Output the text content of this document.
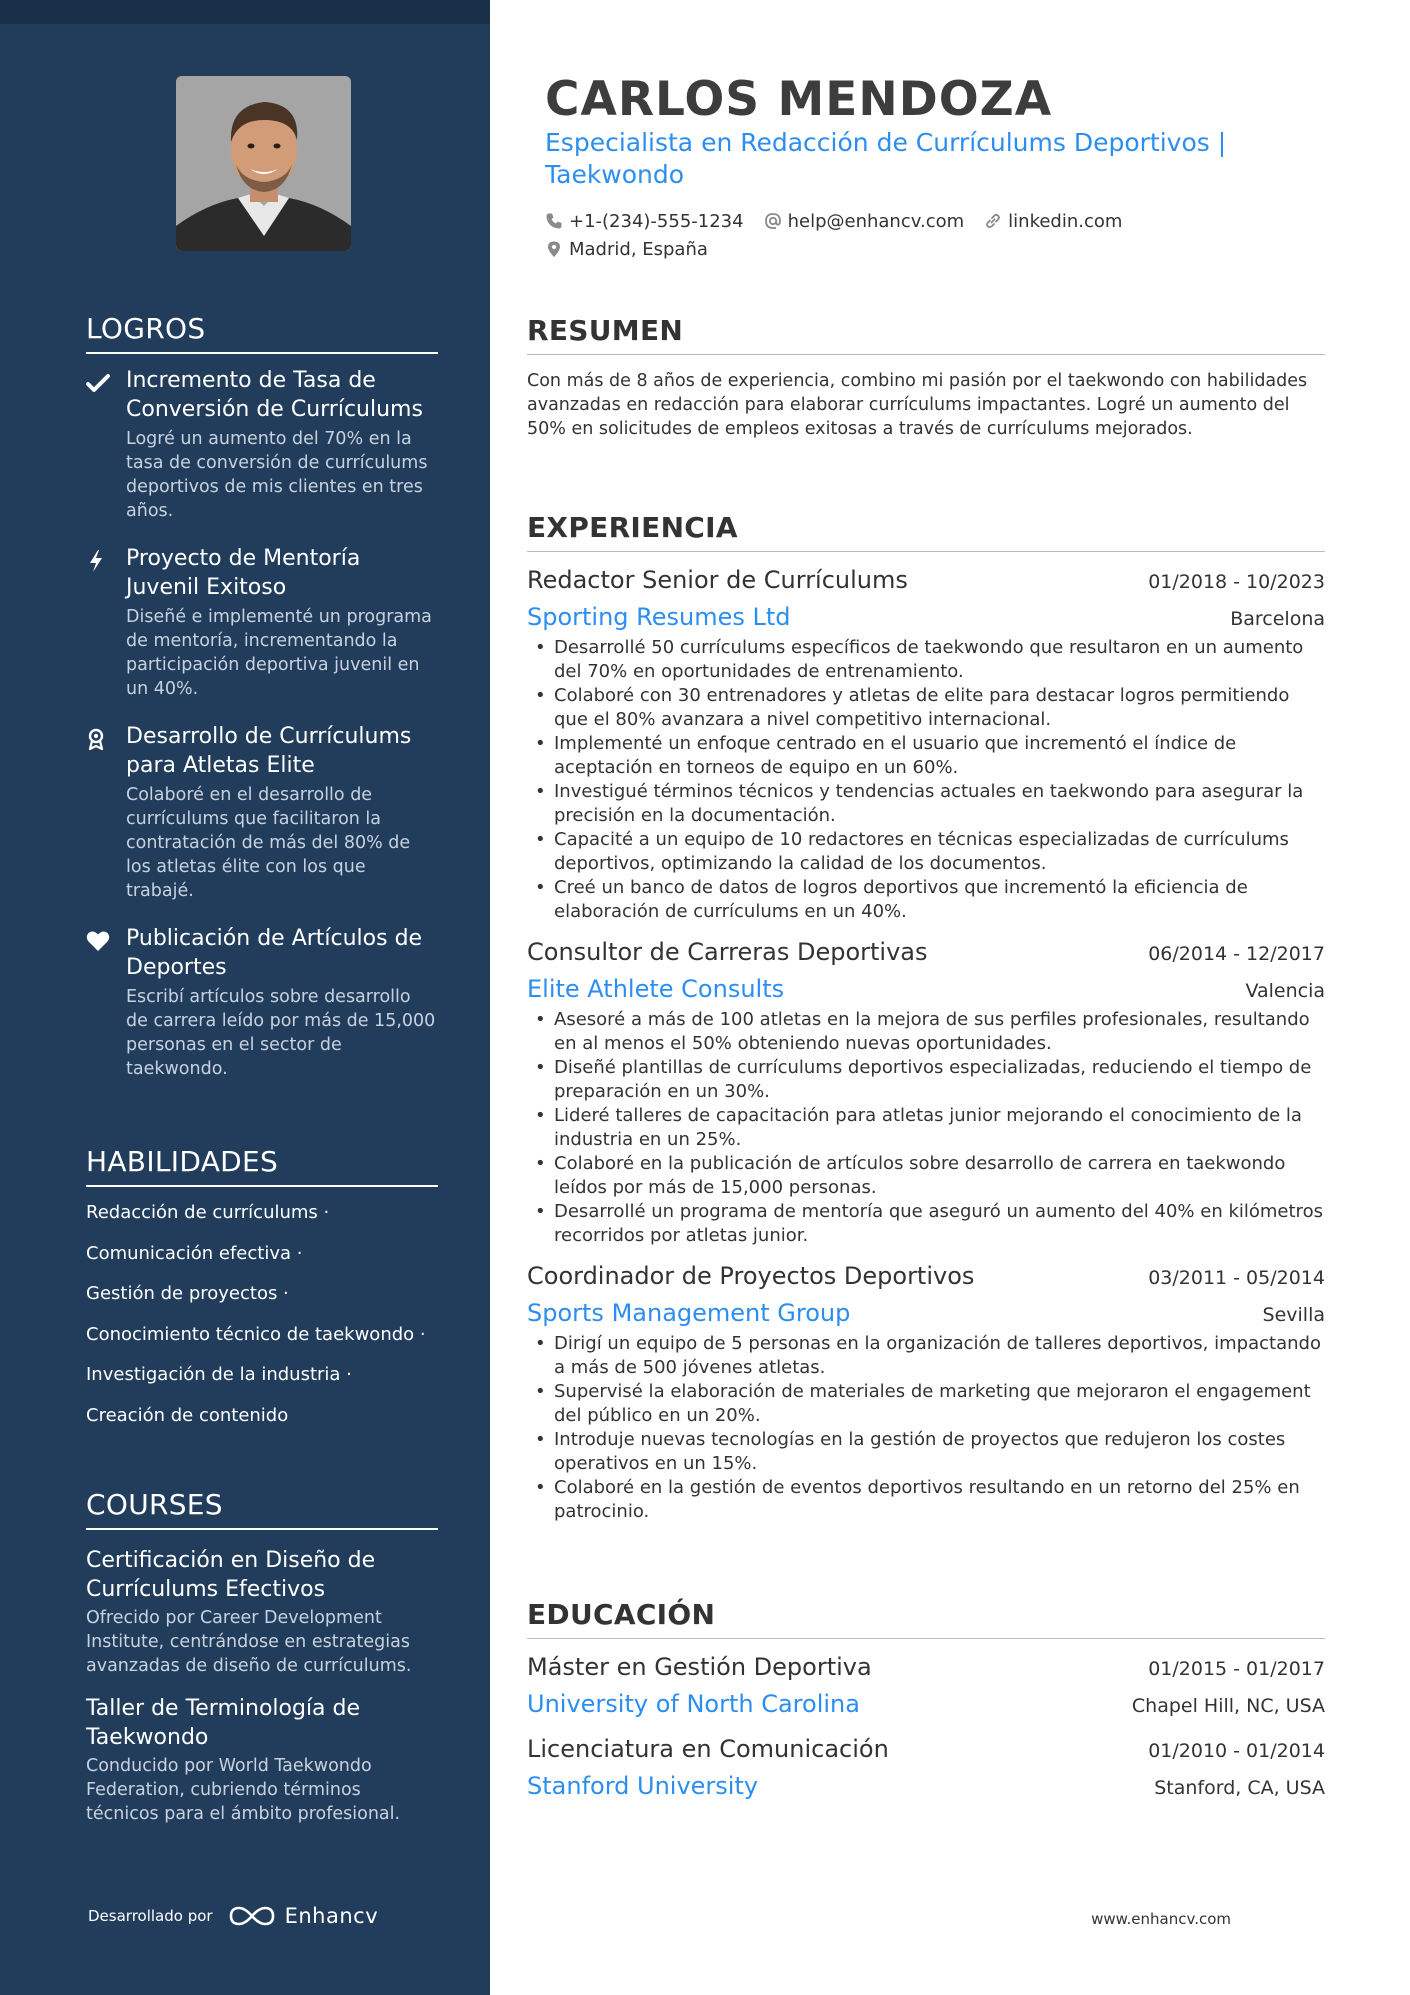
LOGROS
Incremento de Tasa de Conversión de Currículums
Logré un aumento del 70% en la tasa de conversión de currículums deportivos de mis clientes en tres años.
Proyecto de Mentoría Juvenil Exitoso
Diseñé e implementé un programa de mentoría, incrementando la participación deportiva juvenil en un 40%.
Desarrollo de Currículums para Atletas Elite
Colaboré en el desarrollo de currículums que facilitaron la contratación de más del 80% de los atletas élite con los que trabajé.
Publicación de Artículos de Deportes
Escribí artículos sobre desarrollo de carrera leído por más de 15,000 personas en el sector de taekwondo.
HABILIDADES
Redacción de currículums ·
Comunicación efectiva ·
Gestión de proyectos ·
Conocimiento técnico de taekwondo ·
Investigación de la industria ·
Creación de contenido
COURSES
Certificación en Diseño de Currículums Efectivos
Ofrecido por Career Development Institute, centrándose en estrategias avanzadas de diseño de currículums.
Taller de Terminología de Taekwondo
Conducido por World Taekwondo Federation, cubriendo términos técnicos para el ámbito profesional.
Desarrollado por	Enhancv
CARLOS MENDOZA
Especialista en Redacción de Currículums Deportivos | Taekwondo
+1-(234)-555-1234 help@enhancv.com linkedin.com
Madrid, España
RESUMEN

Con más de 8 años de experiencia, combino mi pasión por el taekwondo con habilidades avanzadas en redacción para elaborar currículums impactantes. Logré un aumento del 50% en solicitudes de empleos exitosas a través de currículums mejorados.

EXPERIENCIA
Redactor Senior de Currículums	01/2018 - 10/2023
Sporting Resumes Ltd	Barcelona
• Desarrollé 50 currículums específicos de taekwondo que resultaron en un aumento del 70% en oportunidades de entrenamiento.
• Colaboré con 30 entrenadores y atletas de elite para destacar logros permitiendo que el 80% avanzara a nivel competitivo internacional.
• Implementé un enfoque centrado en el usuario que incrementó el índice de aceptación en torneos de equipo en un 60%.
• Investigué términos técnicos y tendencias actuales en taekwondo para asegurar la precisión en la documentación.
• Capacité a un equipo de 10 redactores en técnicas especializadas de currículums deportivos, optimizando la calidad de los documentos.
• Creé un banco de datos de logros deportivos que incrementó la eficiencia de elaboración de currículums en un 40%.
Consultor de Carreras Deportivas	06/2014 - 12/2017
Elite Athlete Consults	Valencia
• Asesoré a más de 100 atletas en la mejora de sus perfiles profesionales, resultando en al menos el 50% obteniendo nuevas oportunidades.
• Diseñé plantillas de currículums deportivos especializadas, reduciendo el tiempo de preparación en un 30%.
• Lideré talleres de capacitación para atletas junior mejorando el conocimiento de la industria en un 25%.
• Colaboré en la publicación de artículos sobre desarrollo de carrera en taekwondo leídos por más de 15,000 personas.
• Desarrollé un programa de mentoría que aseguró un aumento del 40% en kilómetros recorridos por atletas junior.
Coordinador de Proyectos Deportivos	03/2011 - 05/2014
Sports Management Group	Sevilla
• Dirigí un equipo de 5 personas en la organización de talleres deportivos, impactando a más de 500 jóvenes atletas.
• Supervisé la elaboración de materiales de marketing que mejoraron el engagement del público en un 20%.
• Introduje nuevas tecnologías en la gestión de proyectos que redujeron los costes operativos en un 15%.
• Colaboré en la gestión de eventos deportivos resultando en un retorno del 25% en patrocinio.
EDUCACIÓN
Máster en Gestión Deportiva	01/2015 - 01/2017
University of North Carolina	Chapel Hill, NC, USA
Licenciatura en Comunicación	01/2010 - 01/2014
Stanford University	Stanford, CA, USA
www.enhancv.com
